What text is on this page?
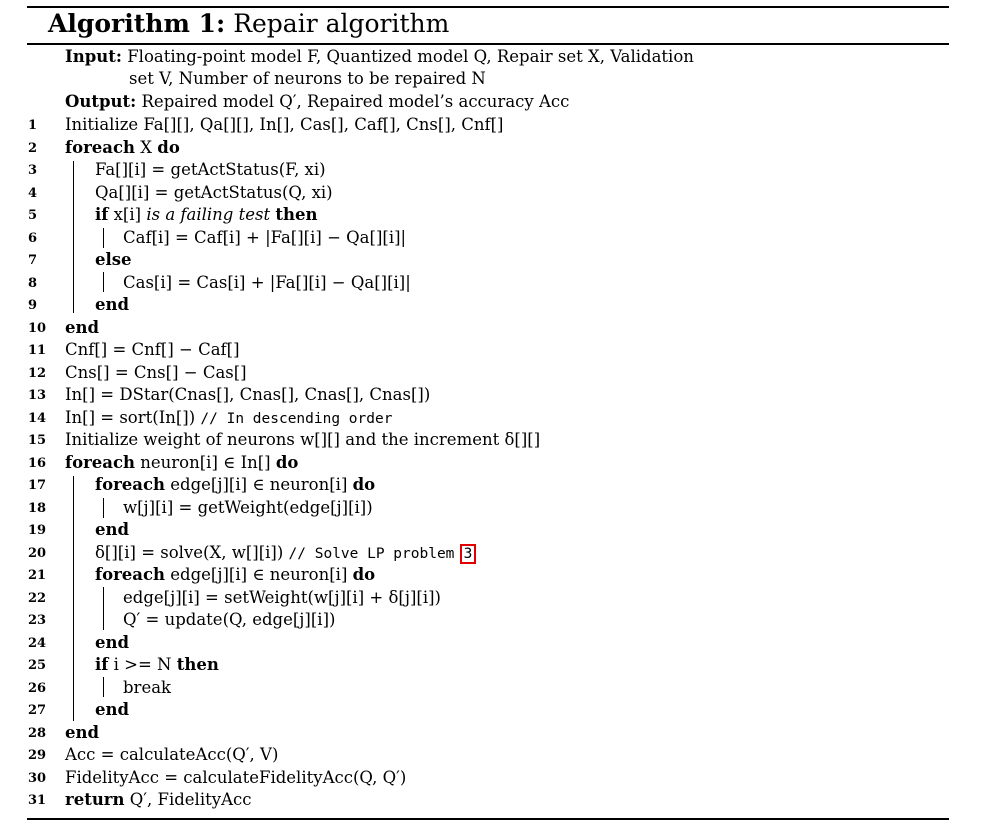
Algorithm 1: Repair algorithm
Input: Floating-point model F, Quantized model Q, Repair set X, Validation
set V, Number of neurons to be repaired N
Output: Repaired model Q′, Repaired model’s accuracy Acc
1	Initialize Fa[][], Qa[][], In[], Cas[], Caf[], Cns[], Cnf[]
2	foreach X do
3	Fa[][i] = getActStatus(F, xi)
4	Qa[][i] = getActStatus(Q, xi)
5	if x[i] is a failing test then
6	Caf[i] = Caf[i] + |Fa[][i] − Qa[][i]|
7	else
8	Cas[i] = Cas[i] + |Fa[][i] − Qa[][i]|
9	end
10	end
11	Cnf[] = Cnf[] − Caf[]
12	Cns[] = Cns[] − Cas[]
13	In[] = DStar(Cnas[], Cnas[], Cnas[], Cnas[])
14	In[] = sort(In[]) // In descending order
15	Initialize weight of neurons w[][] and the increment δ[][]
16	foreach neuron[i] ∈ In[] do
17	foreach edge[j][i] ∈ neuron[i] do
18	w[j][i] = getWeight(edge[j][i])
19	end
20	δ[][i] = solve(X, w[][i]) // Solve LP problem 3
21	foreach edge[j][i] ∈ neuron[i] do
22	edge[j][i] = setWeight(w[j][i] + δ[j][i])
23	Q′ = update(Q, edge[j][i])
24	end
25	if i >= N then
26	break
27	end
28	end
29	Acc = calculateAcc(Q′, V)
30	FidelityAcc = calculateFidelityAcc(Q, Q′)
31	return Q′, FidelityAcc
